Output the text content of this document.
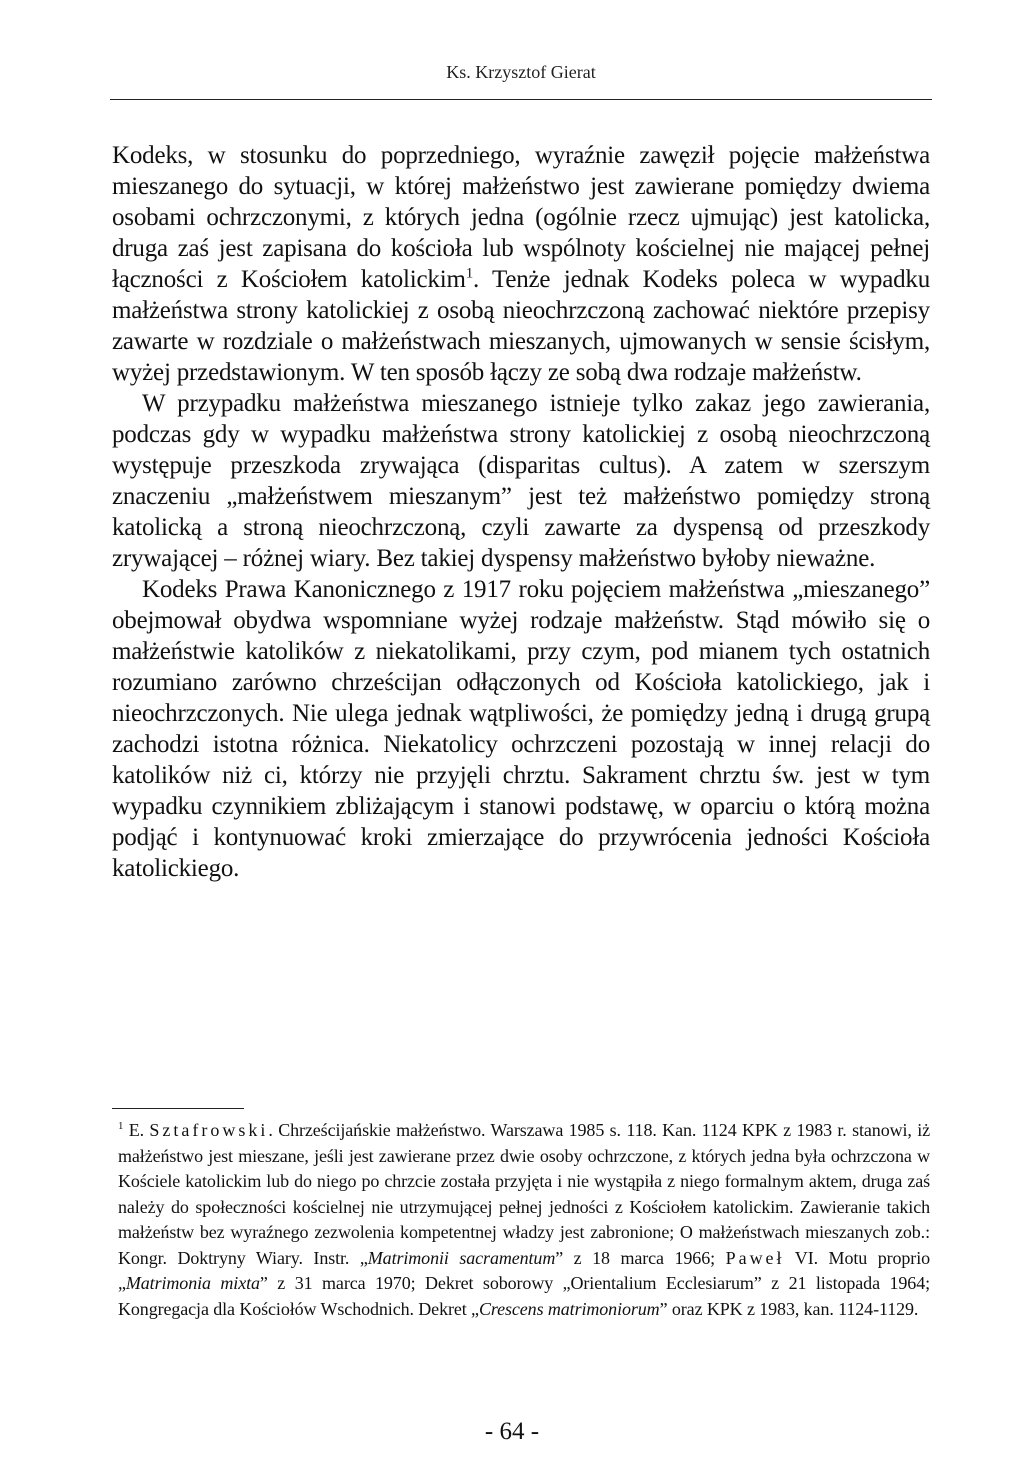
Ks. Krzysztof Gierat

Kodeks, w stosunku do poprzedniego, wyraźnie zawęził pojęcie małżeństwa mieszanego do sytuacji, w której małżeństwo jest zawierane pomiędzy dwiema osobami ochrzczonymi, z których jedna (ogólnie rzecz ujmując) jest katolicka, druga zaś jest zapisana do kościoła lub wspólnoty kościelnej nie mającej pełnej łączności z Kościołem katolickim$^1$. Tenże jednak Kodeks poleca w wypadku małżeństwa strony katolickiej z osobą nieochrzczoną zachować niektóre przepisy zawarte w rozdziale o małżeństwach mieszanych, ujmowanych w sensie ścisłym, wyżej przedstawionym. W ten sposób łączy ze sobą dwa rodzaje małżeństw.

W przypadku małżeństwa mieszanego istnieje tylko zakaz jego zawierania, podczas gdy w wypadku małżeństwa strony katolickiej z osobą nieochrzczoną występuje przeszkoda zrywająca (disparitas cultus). A zatem w szerszym znaczeniu „małżeństwem mieszanym” jest też małżeństwo pomiędzy stroną katolicką a stroną nieochrzczoną, czyli zawarte za dyspensą od przeszkody zrywającej – różnej wiary. Bez takiej dyspensy małżeństwo byłoby nieważne.

Kodeks Prawa Kanonicznego z 1917 roku pojęciem małżeństwa „mieszanego” obejmował obydwa wspomniane wyżej rodzaje małżeństw. Stąd mówiło się o małżeństwie katolików z niekatolikami, przy czym, pod mianem tych ostatnich rozumiano zarówno chrześcijan odłączonych od Kościoła katolickiego, jak i nieochrzczonych. Nie ulega jednak wątpliwości, że pomiędzy jedną i drugą grupą zachodzi istotna różnica. Niekatolicy ochrzczeni pozostają w innej relacji do katolików niż ci, którzy nie przyjęli chrztu. Sakrament chrztu św. jest w tym wypadku czynnikiem zbliżającym i stanowi podstawę, w oparciu o którą można podjąć i kontynuować kroki zmierzające do przywrócenia jedności Kościoła katolickiego.

$^1$ E. Sztafrowski. Chrześcijańskie małżeństwo. Warszawa 1985 s. 118. Kan. 1124 KPK z 1983 r. stanowi, iż małżeństwo jest mieszane, jeśli jest zawierane przez dwie osoby ochrzczone, z których jedna była ochrzczona w Kościele katolickim lub do niego po chrzcie została przyjęta i nie wystąpiła z niego formalnym aktem, druga zaś należy do społeczności kościelnej nie utrzymującej pełnej jedności z Kościołem katolickim. Zawieranie takich małżeństw bez wyraźnego zezwolenia kompetentnej władzy jest zabronione; O małżeństwach mieszanych zob.: Kongr. Doktryny Wiary. Instr. „Matrimonii sacramentum” z 18 marca 1966; Paweł VI. Motu proprio „Matrimonia mixta” z 31 marca 1970; Dekret soborowy „Orientalium Ecclesiarum” z 21 listopada 1964; Kongregacja dla Kościołów Wschodnich. Dekret „Crescens matrimoniorum” oraz KPK z 1983, kan. 1124-1129.
- 64 -
